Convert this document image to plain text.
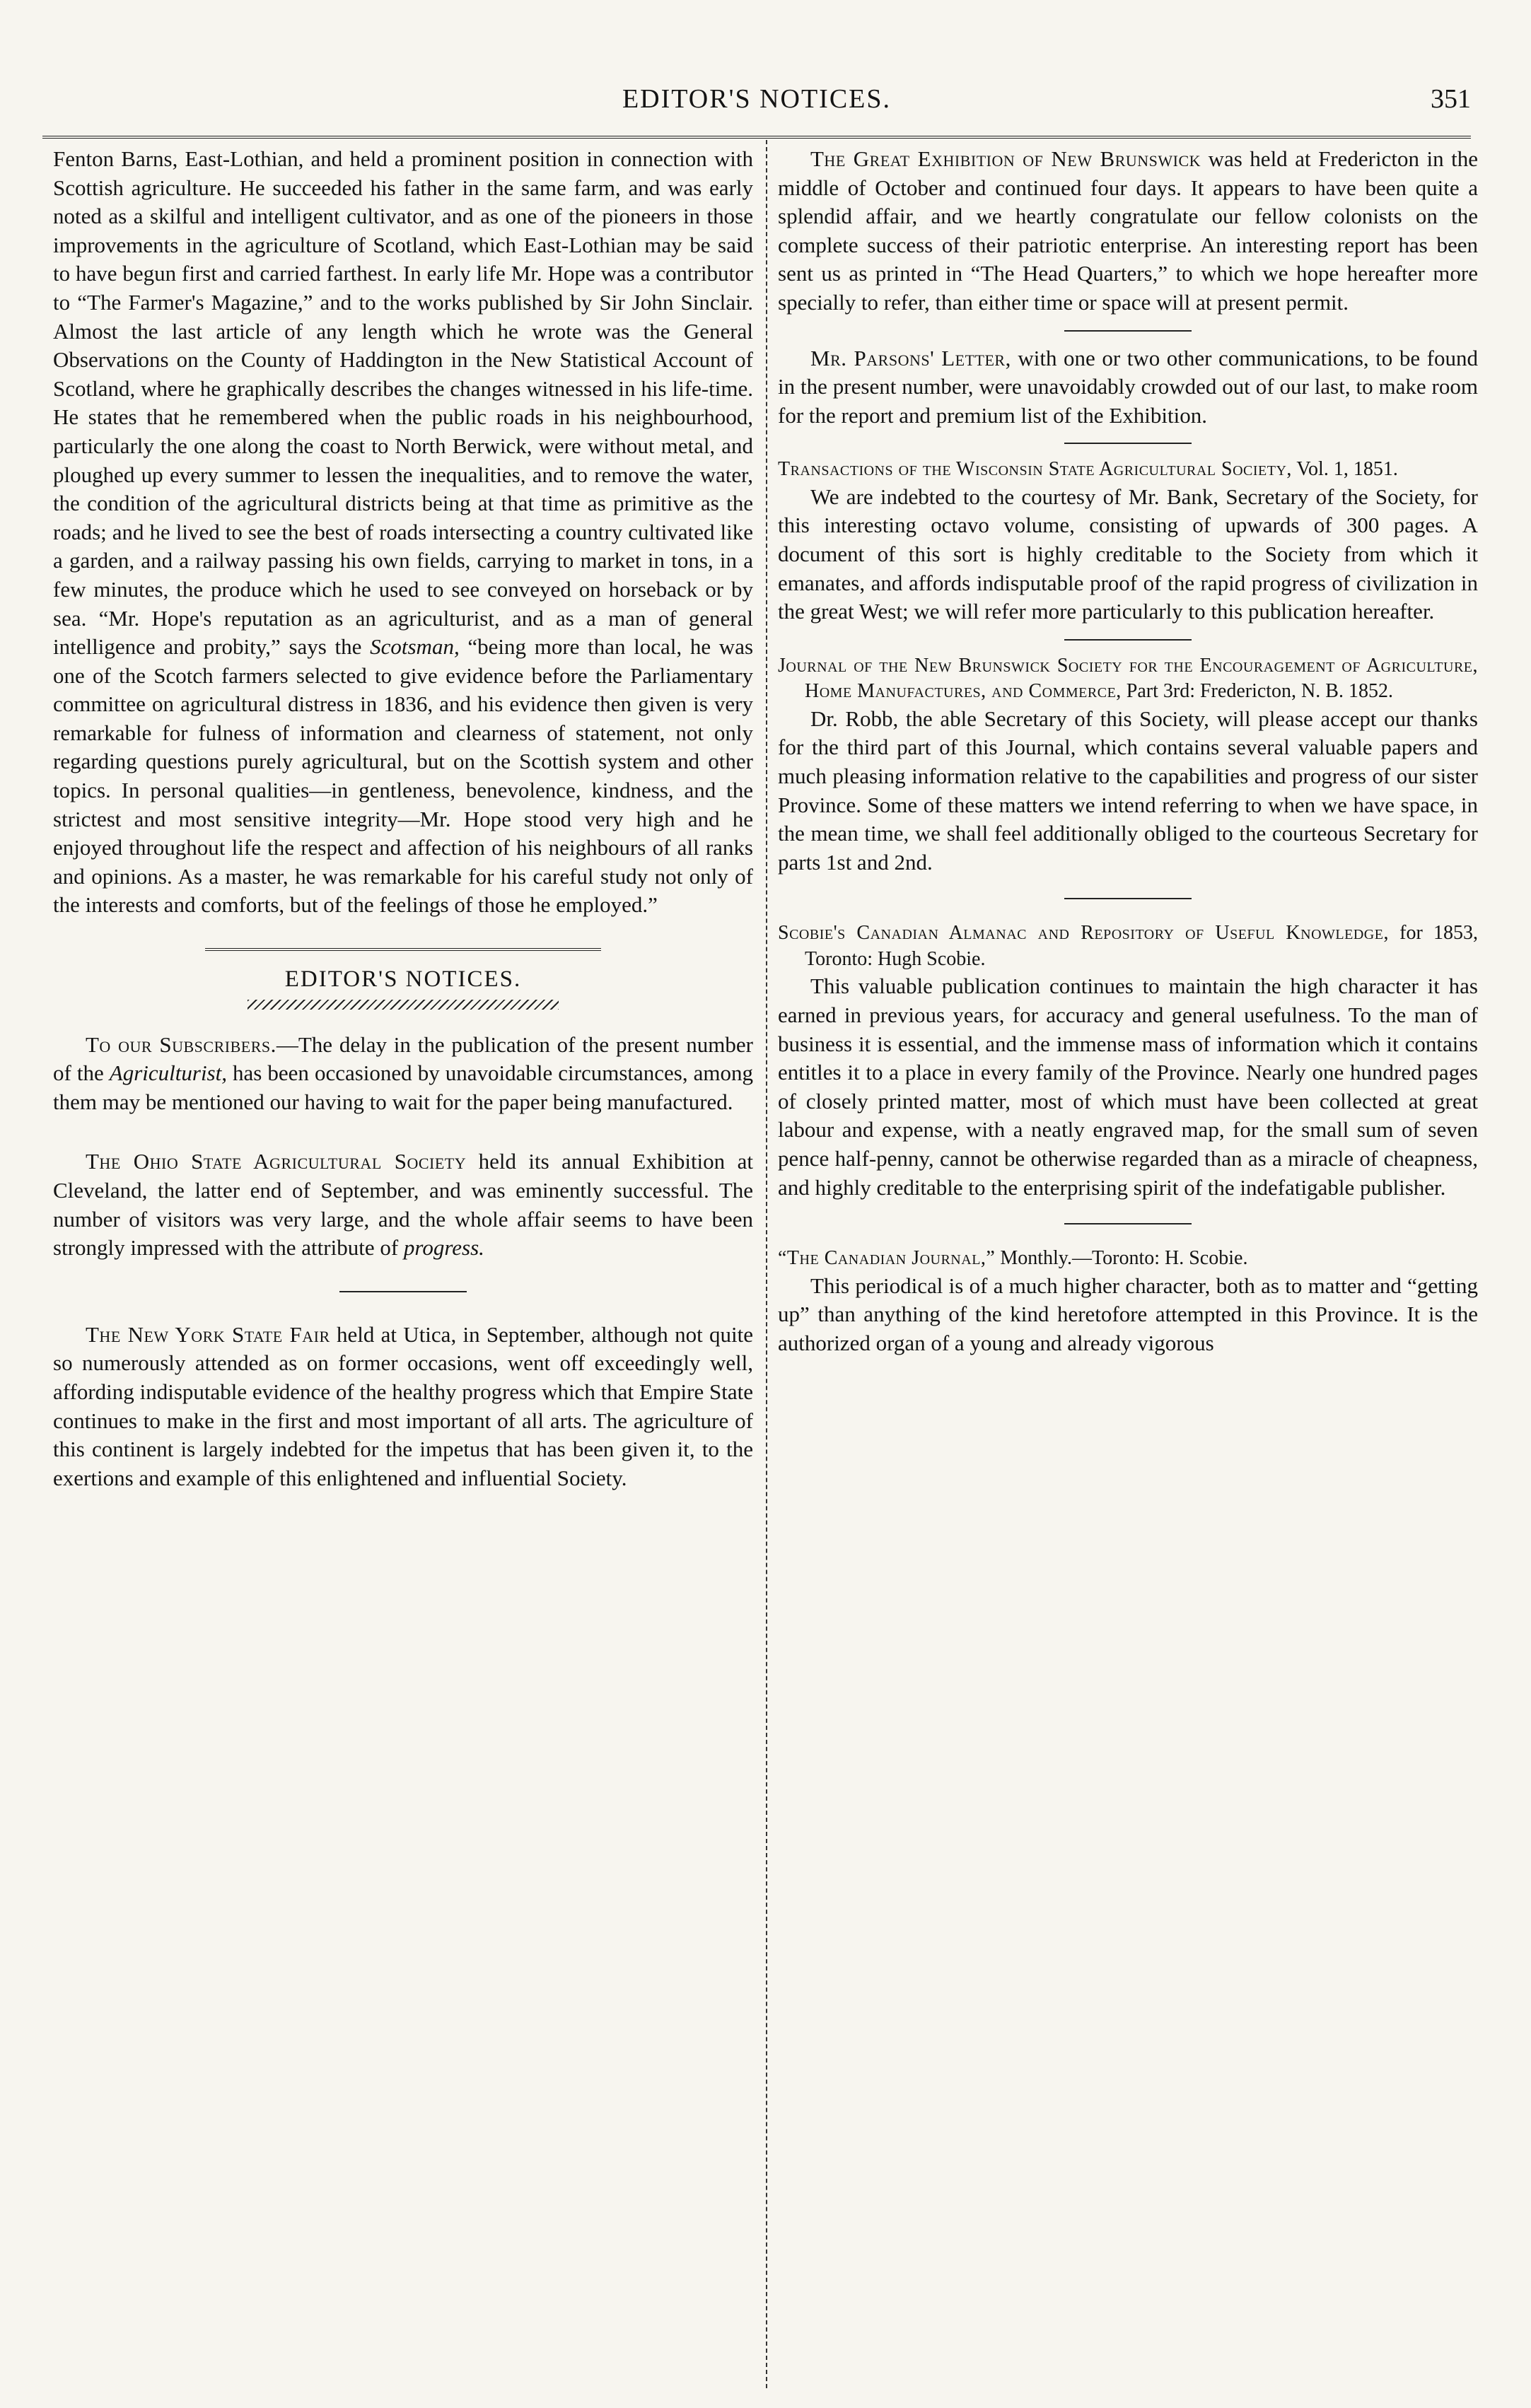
EDITOR'S NOTICES.	351

Fenton Barns, East-Lothian, and held a prominent position in connection with Scottish agriculture. He succeeded his father in the same farm, and was early noted as a skilful and intelligent cultivator, and as one of the pioneers in those improvements in the agriculture of Scotland, which East-Lothian may be said to have begun first and carried farthest. In early life Mr. Hope was a contributor to “The Farmer's Magazine,” and to the works published by Sir John Sinclair. Almost the last article of any length which he wrote was the General Observations on the County of Haddington in the New Statistical Account of Scotland, where he graphically describes the changes witnessed in his life-time. He states that he remembered when the public roads in his neighbourhood, particularly the one along the coast to North Berwick, were without metal, and ploughed up every summer to lessen the inequalities, and to remove the water, the condition of the agricultural districts being at that time as primitive as the roads; and he lived to see the best of roads intersecting a country cultivated like a garden, and a railway passing his own fields, carrying to market in tons, in a few minutes, the produce which he used to see conveyed on horseback or by sea. “Mr. Hope's reputation as an agriculturist, and as a man of general intelligence and probity,” says the Scotsman, “being more than local, he was one of the Scotch farmers selected to give evidence before the Parliamentary committee on agricultural distress in 1836, and his evidence then given is very remarkable for fulness of information and clearness of statement, not only regarding questions purely agricultural, but on the Scottish system and other topics. In personal qualities—in gentleness, benevolence, kindness, and the strictest and most sensitive integrity—Mr. Hope stood very high and he enjoyed throughout life the respect and affection of his neighbours of all ranks and opinions. As a master, he was remarkable for his careful study not only of the interests and comforts, but of the feelings of those he employed.”

EDITOR'S NOTICES.

To our Subscribers.—The delay in the publication of the present number of the Agriculturist, has been occasioned by unavoidable circumstances, among them may be mentioned our having to wait for the paper being manufactured.

The Ohio State Agricultural Society held its annual Exhibition at Cleveland, the latter end of September, and was eminently successful. The number of visitors was very large, and the whole affair seems to have been strongly impressed with the attribute of progress.

The New York State Fair held at Utica, in September, although not quite so numerously attended as on former occasions, went off exceedingly well, affording indisputable evidence of the healthy progress which that Empire State continues to make in the first and most important of all arts. The agriculture of this continent is largely indebted for the impetus that has been given it, to the exertions and example of this enlightened and influential Society.

The Great Exhibition of New Brunswick was held at Fredericton in the middle of October and continued four days. It appears to have been quite a splendid affair, and we heartly congratulate our fellow colonists on the complete success of their patriotic enterprise. An interesting report has been sent us as printed in “The Head Quarters,” to which we hope hereafter more specially to refer, than either time or space will at present permit.

Mr. Parsons' Letter, with one or two other communications, to be found in the present number, were unavoidably crowded out of our last, to make room for the report and premium list of the Exhibition.

Transactions of the Wisconsin State Agricultural Society, Vol. 1, 1851.

We are indebted to the courtesy of Mr. Bank, Secretary of the Society, for this interesting octavo volume, consisting of upwards of 300 pages. A document of this sort is highly creditable to the Society from which it emanates, and affords indisputable proof of the rapid progress of civilization in the great West; we will refer more particularly to this publication hereafter.

Journal of the New Brunswick Society for the Encouragement of Agriculture, Home Manufactures, and Commerce, Part 3rd: Fredericton, N. B. 1852.

Dr. Robb, the able Secretary of this Society, will please accept our thanks for the third part of this Journal, which contains several valuable papers and much pleasing information relative to the capabilities and progress of our sister Province. Some of these matters we intend referring to when we have space, in the mean time, we shall feel additionally obliged to the courteous Secretary for parts 1st and 2nd.

Scobie's Canadian Almanac and Repository of Useful Knowledge, for 1853, Toronto: Hugh Scobie.

This valuable publication continues to maintain the high character it has earned in previous years, for accuracy and general usefulness. To the man of business it is essential, and the immense mass of information which it contains entitles it to a place in every family of the Province. Nearly one hundred pages of closely printed matter, most of which must have been collected at great labour and expense, with a neatly engraved map, for the small sum of seven pence half-penny, cannot be otherwise regarded than as a miracle of cheapness, and highly creditable to the enterprising spirit of the indefatigable publisher.

“The Canadian Journal,” Monthly.—Toronto: H. Scobie.

This periodical is of a much higher character, both as to matter and “getting up” than anything of the kind heretofore attempted in this Province. It is the authorized organ of a young and already vigorous
